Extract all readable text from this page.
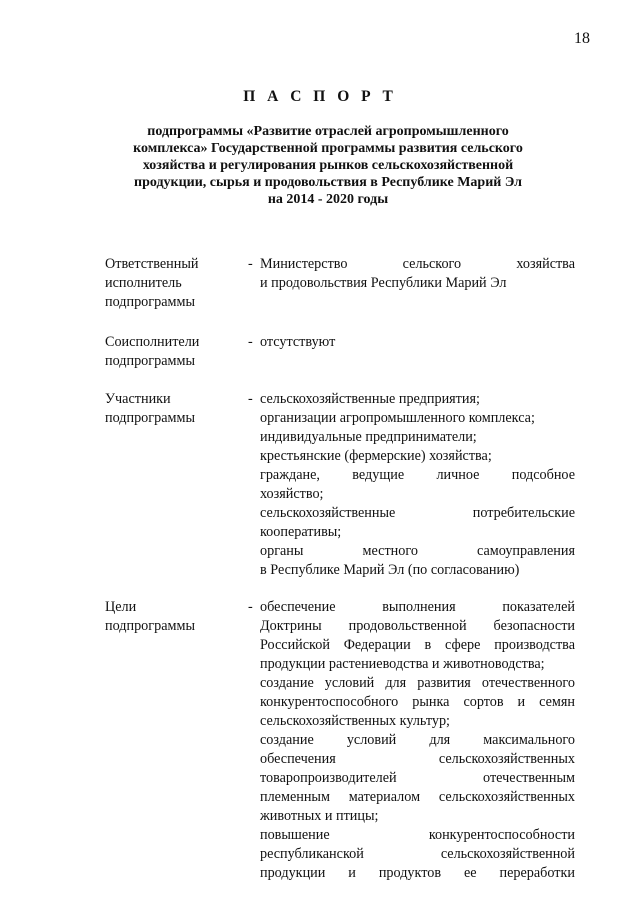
18
П А С П О Р Т
подпрограммы «Развитие отраслей агропромышленного
комплекса» Государственной программы развития сельского
хозяйства и регулирования рынков сельскохозяйственной
продукции, сырья и продовольствия в Республике Марий Эл
на 2014 - 2020 годы
Ответственный
исполнитель
подпрограммы
- Министерство сельского хозяйства
и продовольствия Республики Марий Эл
Соисполнители
подпрограммы
- отсутствуют
Участники
подпрограммы
- сельскохозяйственные предприятия;
организации агропромышленного комплекса;
индивидуальные предприниматели;
крестьянские (фермерские) хозяйства;
граждане, ведущие личное подсобное
хозяйство;
сельскохозяйственные потребительские
кооперативы;
органы местного самоуправления
в Республике Марий Эл (по согласованию)
Цели
подпрограммы
- обеспечение выполнения показателей
Доктрины продовольственной безопасности
Российской Федерации в сфере производства
продукции растениеводства и животноводства;
создание условий для развития отечественного
конкурентоспособного рынка сортов и семян
сельскохозяйственных культур;
создание условий для максимального
обеспечения сельскохозяйственных
товаропроизводителей отечественным
племенным материалом сельскохозяйственных
животных и птицы;
повышение конкурентоспособности
республиканской сельскохозяйственной
продукции и продуктов ее переработки
